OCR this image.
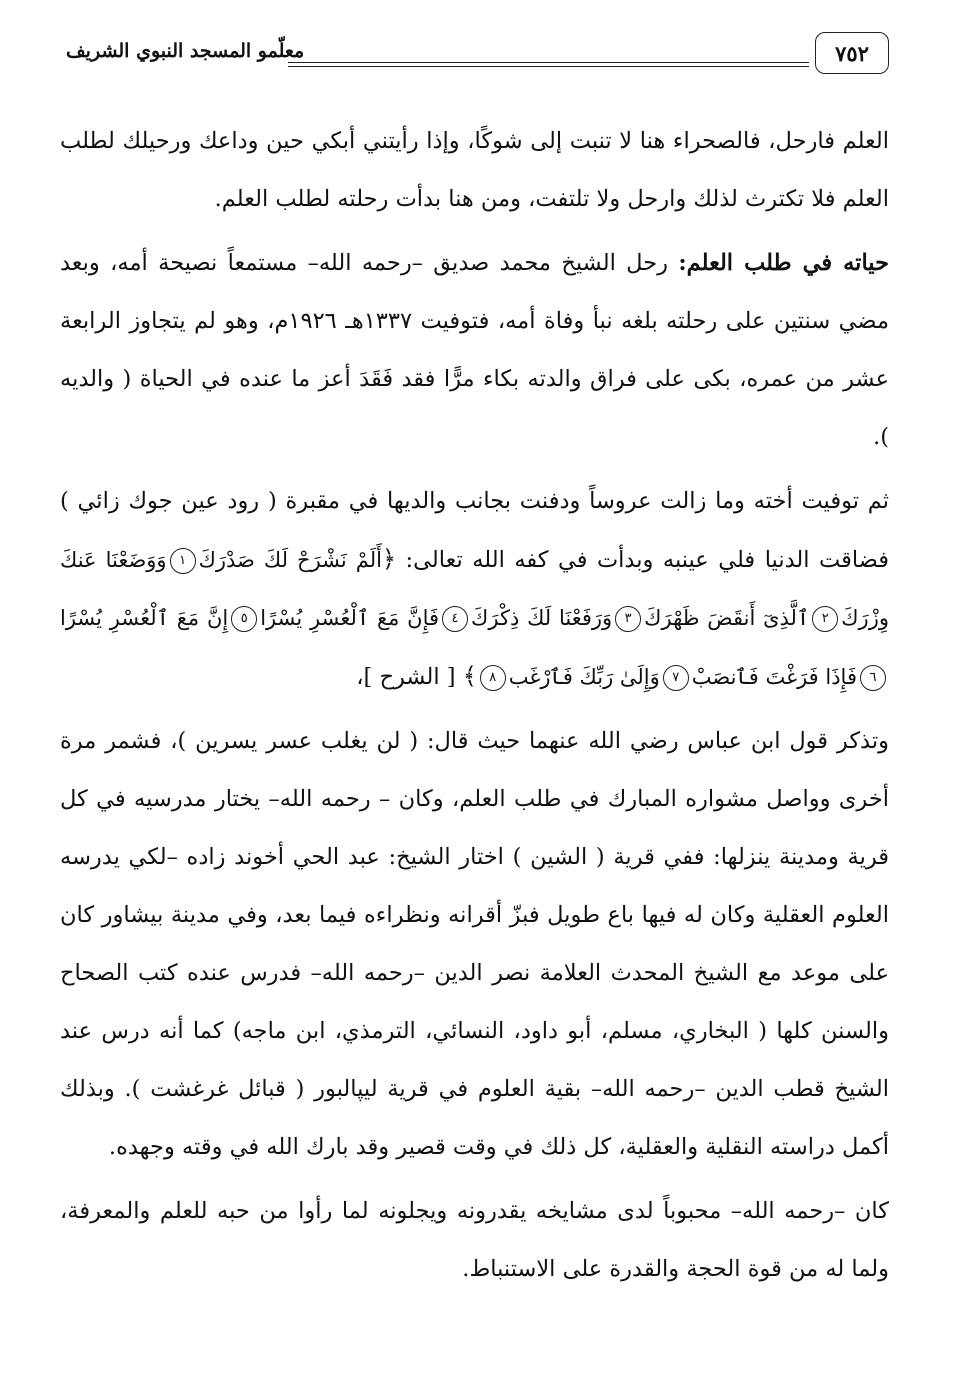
٧٥٢
معلّمو المسجد النبوي الشريف

العلم فارحل، فالصحراء هنا لا تنبت إلى شوكًا، وإذا رأيتني أبكي حين وداعك ورحيلك لطلب العلم فلا تكترث لذلك وارحل ولا تلتفت، ومن هنا بدأت رحلته لطلب العلم.

حياته في طلب العلم: رحل الشيخ محمد صديق –رحمه الله– مستمعاً نصيحة أمه، وبعد مضي سنتين على رحلته بلغه نبأ وفاة أمه، فتوفيت ١٣٣٧هـ ١٩٢٦م، وهو لم يتجاوز الرابعة عشر من عمره، بكى على فراق والدته بكاء مرًّا فقد فَقَدَ أعز ما عنده في الحياة ( والديه ).

ثم توفيت أخته وما زالت عروساً ودفنت بجانب والديها في مقبرة ( رود عين جوك زائي ) فضاقت الدنيا فلي عينبه وبدأت في كفه الله تعالى: ﴿أَلَمْ نَشْرَحْ لَكَ صَدْرَكَ١وَوَضَعْنَا عَنكَ وِزْرَكَ٢ٱلَّذِىٓ أَنقَضَ ظَهْرَكَ٣وَرَفَعْنَا لَكَ ذِكْرَكَ٤فَإِنَّ مَعَ ٱلْعُسْرِ يُسْرًا٥إِنَّ مَعَ ٱلْعُسْرِ يُسْرًا٦فَإِذَا فَرَغْتَ فَٱنصَبْ٧وَإِلَىٰ رَبِّكَ فَٱرْغَب٨﴾ [ الشرح ]،

وتذكر قول ابن عباس رضي الله عنهما حيث قال: ( لن يغلب عسر يسرين )، فشمر مرة أخرى وواصل مشواره المبارك في طلب العلم، وكان – رحمه الله– يختار مدرسيه في كل قرية ومدينة ينزلها: ففي قرية ( الشين ) اختار الشيخ: عبد الحي أخوند زاده –لكي يدرسه العلوم العقلية وكان له فيها باع طويل فبزّ أقرانه ونظراءه فيما بعد، وفي مدينة بيشاور كان على موعد مع الشيخ المحدث العلامة نصر الدين –رحمه الله– فدرس عنده كتب الصحاح والسنن كلها ( البخاري، مسلم، أبو داود، النسائي، الترمذي، ابن ماجه) كما أنه درس عند الشيخ قطب الدين –رحمه الله– بقية العلوم في قرية ليپالبور ( قبائل غرغشت ). وبذلك أكمل دراسته النقلية والعقلية، كل ذلك في وقت قصير وقد بارك الله في وقته وجهده.

كان –رحمه الله– محبوباً لدى مشايخه يقدرونه ويجلونه لما رأوا من حبه للعلم والمعرفة، ولما له من قوة الحجة والقدرة على الاستنباط.
